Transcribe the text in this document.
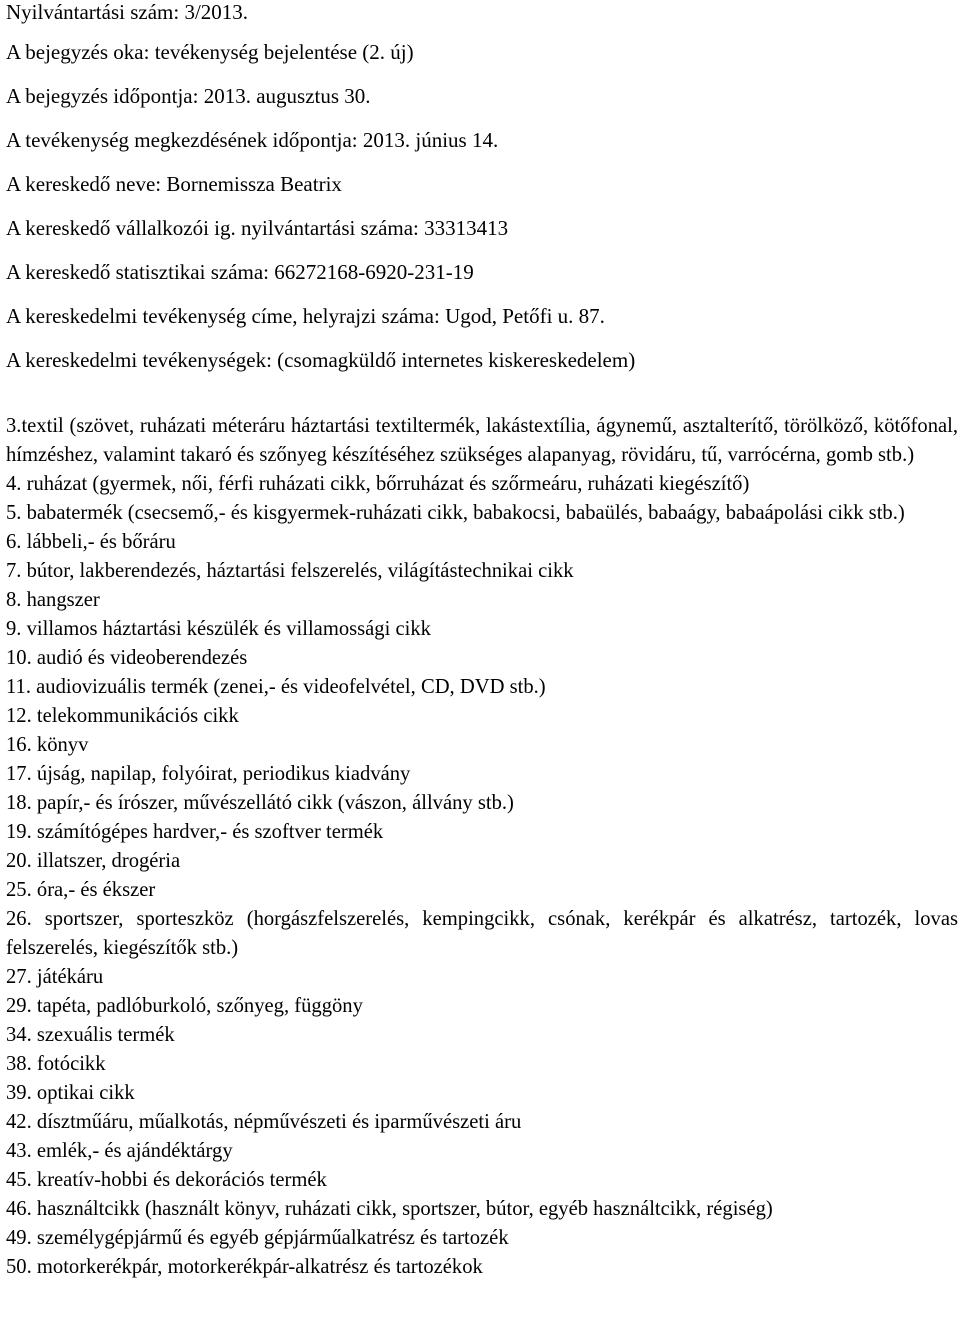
Nyilvántartási szám: 3/2013.
A bejegyzés oka: tevékenység bejelentése (2. új)
A bejegyzés időpontja: 2013. augusztus 30.
A tevékenység megkezdésének időpontja: 2013. június 14.
A kereskedő neve: Bornemissza Beatrix
A kereskedő vállalkozói ig. nyilvántartási száma: 33313413
A kereskedő statisztikai száma: 66272168-6920-231-19
A kereskedelmi tevékenység címe, helyrajzi száma: Ugod, Petőfi u. 87.
A kereskedelmi tevékenységek: (csomagküldő internetes kiskereskedelem)
3.textil (szövet, ruházati méteráru háztartási textiltermék, lakástextília, ágynemű, asztalterítő, törölköző, kötőfonal, hímzéshez, valamint takaró és szőnyeg készítéséhez szükséges alapanyag, rövidáru, tű, varrócérna, gomb stb.)
4. ruházat (gyermek, női, férfi ruházati cikk, bőrruházat és szőrmeáru, ruházati kiegészítő)
5. babatermék (csecsemő,- és kisgyermek-ruházati cikk, babakocsi, babaülés, babaágy, babaápolási cikk stb.)
6. lábbeli,- és bőráru
7. bútor, lakberendezés, háztartási felszerelés, világítástechnikai cikk
8. hangszer
9. villamos háztartási készülék és villamossági cikk
10. audió és videoberendezés
11. audiovizuális termék (zenei,- és videofelvétel, CD, DVD stb.)
12. telekommunikációs cikk
16. könyv
17. újság, napilap, folyóirat, periodikus kiadvány
18. papír,- és írószer, művészellátó cikk (vászon, állvány stb.)
19. számítógépes hardver,- és szoftver termék
20. illatszer, drogéria
25. óra,- és ékszer
26. sportszer, sporteszköz (horgászfelszerelés, kempingcikk, csónak, kerékpár és alkatrész, tartozék, lovas felszerelés, kiegészítők stb.)
27. játékáru
29. tapéta, padlóburkoló, szőnyeg, függöny
34. szexuális termék
38. fotócikk
39. optikai cikk
42. dísztműáru, műalkotás, népművészeti és iparművészeti áru
43. emlék,- és ajándéktárgy
45. kreatív-hobbi és dekorációs termék
46. használtcikk (használt könyv, ruházati cikk, sportszer, bútor, egyéb használtcikk, régiség)
49. személygépjármű és egyéb gépjárműalkatrész és tartozék
50. motorkerékpár, motorkerékpár-alkatrész és tartozékok
